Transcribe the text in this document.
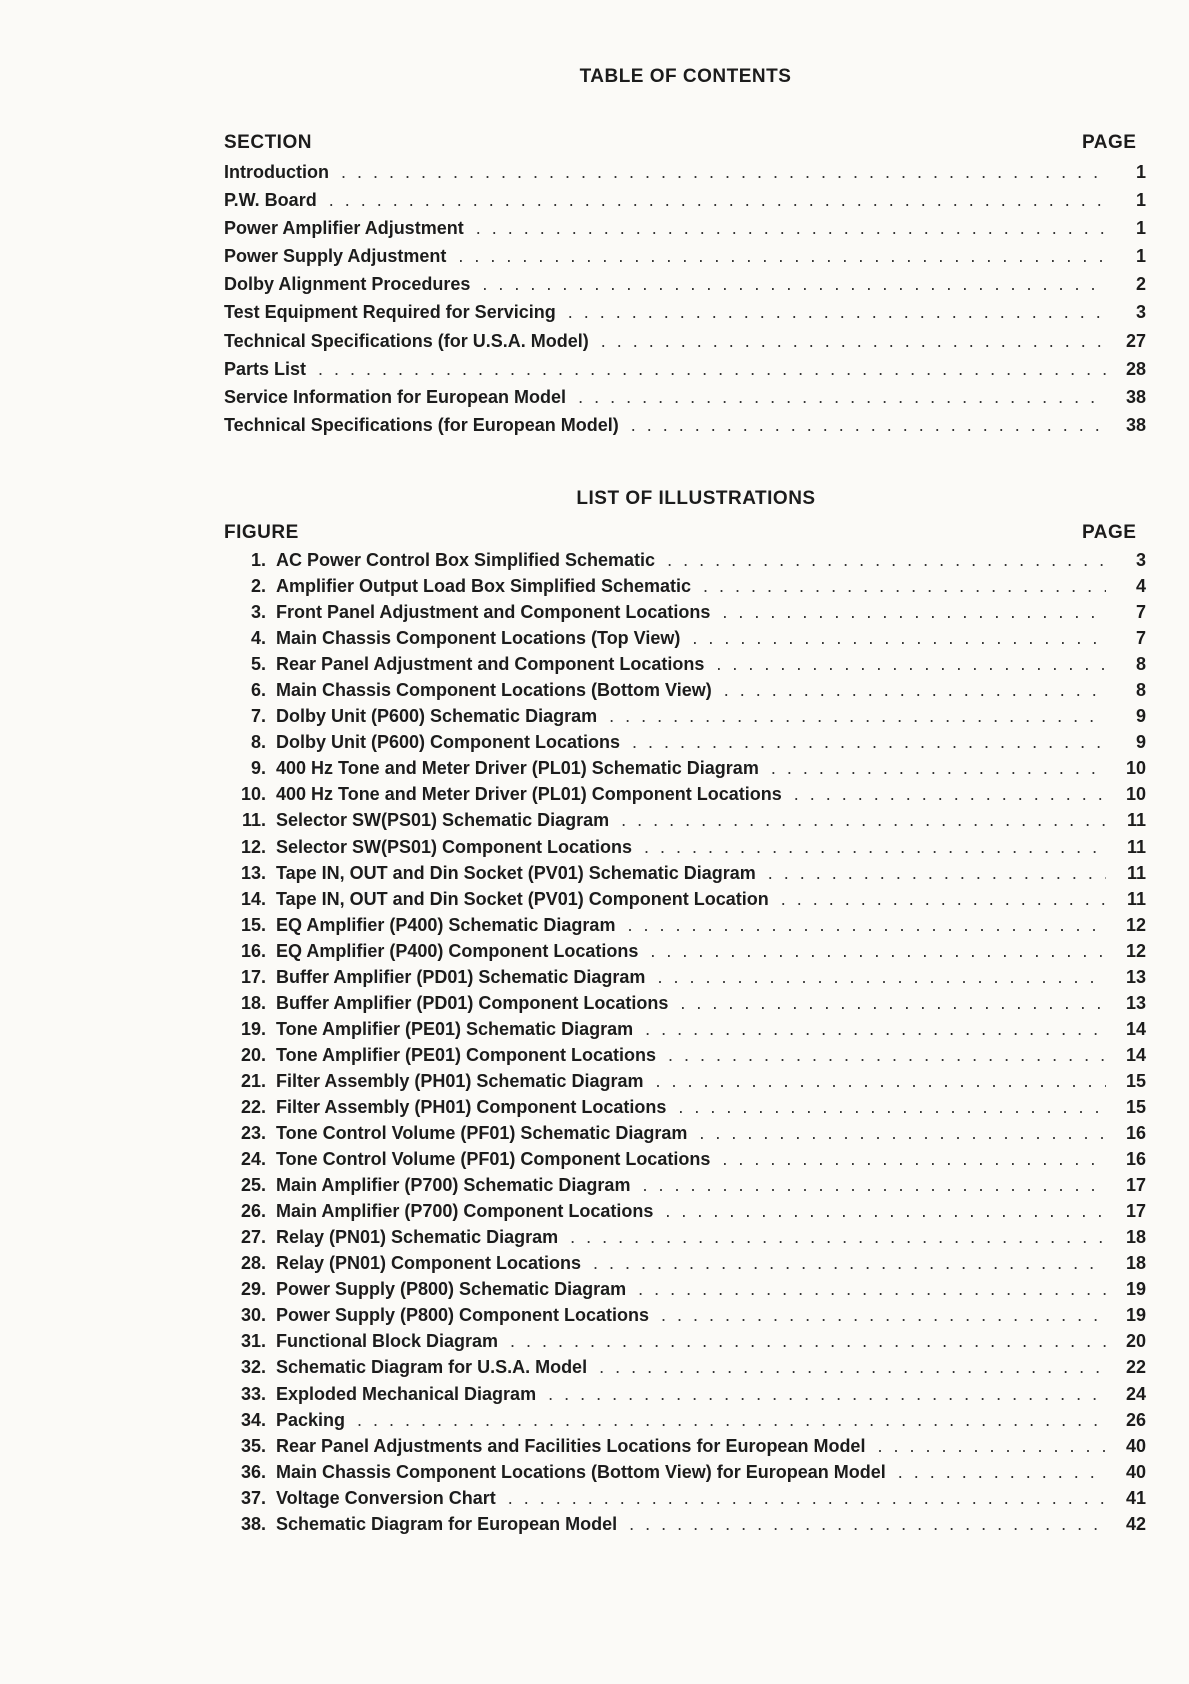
TABLE OF CONTENTS
SECTION	PAGE
Introduction . . .	1
P.W. Board . . .	1
Power Amplifier Adjustment . . .	1
Power Supply Adjustment . . .	1
Dolby Alignment Procedures . . .	2
Test Equipment Required for Servicing . . .	3
Technical Specifications (for U.S.A. Model) . . .	27
Parts List . . .	28
Service Information for European Model . . .	38
Technical Specifications (for European Model) . . .	38
LIST OF ILLUSTRATIONS
FIGURE	PAGE
1. AC Power Control Box Simplified Schematic . . .	3
2. Amplifier Output Load Box Simplified Schematic . . .	4
3. Front Panel Adjustment and Component Locations . . .	7
4. Main Chassis Component Locations (Top View) . . .	7
5. Rear Panel Adjustment and Component Locations . . .	8
6. Main Chassis Component Locations (Bottom View) . . .	8
7. Dolby Unit (P600) Schematic Diagram . . .	9
8. Dolby Unit (P600) Component Locations . . .	9
9. 400 Hz Tone and Meter Driver (PL01) Schematic Diagram . . .	10
10. 400 Hz Tone and Meter Driver (PL01) Component Locations . . .	10
11. Selector SW(PS01) Schematic Diagram . . .	11
12. Selector SW(PS01) Component Locations . . .	11
13. Tape IN, OUT and Din Socket (PV01) Schematic Diagram . . .	11
14. Tape IN, OUT and Din Socket (PV01) Component Location . . .	11
15. EQ Amplifier (P400) Schematic Diagram . . .	12
16. EQ Amplifier (P400) Component Locations . . .	12
17. Buffer Amplifier (PD01) Schematic Diagram . . .	13
18. Buffer Amplifier (PD01) Component Locations . . .	13
19. Tone Amplifier (PE01) Schematic Diagram . . .	14
20. Tone Amplifier (PE01) Component Locations . . .	14
21. Filter Assembly (PH01) Schematic Diagram . . .	15
22. Filter Assembly (PH01) Component Locations . . .	15
23. Tone Control Volume (PF01) Schematic Diagram . . .	16
24. Tone Control Volume (PF01) Component Locations . . .	16
25. Main Amplifier (P700) Schematic Diagram . . .	17
26. Main Amplifier (P700) Component Locations . . .	17
27. Relay (PN01) Schematic Diagram . . .	18
28. Relay (PN01) Component Locations . . .	18
29. Power Supply (P800) Schematic Diagram . . .	19
30. Power Supply (P800) Component Locations . . .	19
31. Functional Block Diagram . . .	20
32. Schematic Diagram for U.S.A. Model . . .	22
33. Exploded Mechanical Diagram . . .	24
34. Packing . . .	26
35. Rear Panel Adjustments and Facilities Locations for European Model . . .	40
36. Main Chassis Component Locations (Bottom View) for European Model . . .	40
37. Voltage Conversion Chart . . .	41
38. Schematic Diagram for European Model . . .	42
